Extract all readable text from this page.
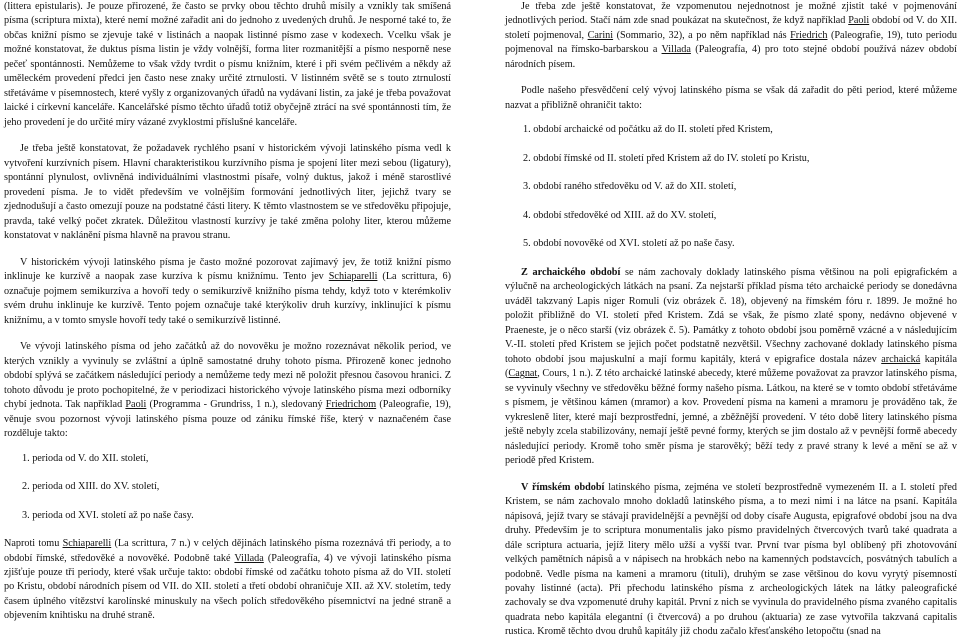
(littera epistularis). Je pouze přirozené, že často se prvky obou těchto druhů mísily a vznikly tak smíšená písma (scriptura mixta), které nemí možné zařadit ani do jednoho z uvedených druhů. Je nesporné také to, že občas knižní písmo se zjevuje také v listinách a naopak listinné písmo zase v kodexech. Vcelku však je možné konstatovat, že duktus písma listin je vždy volnější, forma liter rozmanitější a písmo nesporně nese pečeť spontánnosti. Nemůžeme to však vždy tvrdit o písmu knižním, které i při svém pečlivém a někdy až uměleckém provedení předci jen často nese znaky určité ztrnulosti. V listinném světě se s touto ztrnulostí střetáváme v písemnostech, které vyšly z organizovaných úřadů na vydávaní listin, za jaké je třeba považovat laické i církevní kanceláře. Kancelářské písmo těchto úřadů totiž obyčejně ztrácí na své spontánnosti tím, že jeho provedení je do určité míry vázané zvyklostmi příslušné kanceláře.

Je třeba ještě konstatovat, že požadavek rychlého psaní v historickém vývoji latinského písma vedl k vytvoření kurzívních písem. Hlavní charakteristikou kurzívního písma je spojení liter mezi sebou (ligatury), spontánní plynulost, ovlivněná individuálními vlastnostmi písaře, volný duktus, jakož i méně starostlivé provedení písma. Je to vidět především ve volnějším formování jednotlivých liter, jejichž tvary se zjednodušují a často omezují pouze na podstatné části litery. K těmto vlastnostem se ve středověku připojuje, pravda, také velký počet zkratek. Důležitou vlastností kurzívy je také změna polohy liter, kterou můžeme konstatovat v naklánění písma hlavně na pravou stranu.

V historickém vývoji latinského písma je často možné pozorovat zajímavý jev, že totiž knižní písmo inklinuje ke kurzívě a naopak zase kurzíva k písmu knižnímu. Tento jev Schiaparelli (La scrittura, 6) označuje pojmem semikurzíva a hovoří tedy o semikurzívě knižního písma tehdy, když toto v kterémkoliv svém druhu inklinuje ke kurzívě. Tento pojem označuje také kterýkoliv druh kurzívy, inklinující k písmu knižnímu, a v tomto smysle hovoří tedy také o semikurzívě listinné.

Ve vývoji latinského písma od jeho začátků až do novověku je možno rozeznávat několik period, ve kterých vznikly a vyvinuly se zvláštní a úplně samostatné druhy tohoto písma. Přirozeně konec jednoho období splývá se začátkem následující periody a nemůžeme tedy mezi ně položit přesnou časovou hranici. Z tohoto důvodu je proto pochopitelné, že v periodizaci historického vývoje latinského písma mezi odborníky chybí jednota. Tak například Paoli (Programma - Grundriss, 1 n.), sledovaný Friedrichom (Paleografie, 19), věnuje svou pozornost vývoji latinského písma pouze od zániku římské říše, který v naznačeném čase rozděluje takto:

1. perioda od V. do XII. století,
2. perioda od XIII. do XV. století,
3. perioda od XVI. století až po naše časy.

Naproti tomu Schiaparelli (La scrittura, 7 n.) v celých dějinách latinského písma rozeznává tři periody, a to období římské, středověké a novověké. Podobně také Villada (Paleografía, 4) ve vývoji latinského písma zjišťuje pouze tři periody, které však určuje takto: období římské od začátku tohoto písma až do VII. století po Kristu, období národních písem od VII. do XII. století a třetí období ohraničuje XII. až XV. stoletím, tedy časem úplného vítězství karolínské minuskuly na všech polích středověkého písemnictví na jedné straně a objevením knihtisku na druhé straně.

Je třeba zde ještě konstatovat, že vzpomenutou nejednotnost je možné zjistit také v pojmenování jednotlivých period. Stačí nám zde snad poukázat na skutečnost, že když například Paoli období od V. do XII. století pojmenoval, Carini (Sommario, 32), a po něm například nás Friedrich (Paleografie, 19), tuto periodu pojmenoval na římsko-barbarskou a Villada (Paleografía, 4) pro toto stejné období používá název období národních písem.

Podle našeho přesvědčení celý vývoj latinského písma se však dá zařadit do pěti period, které můžeme nazvat a přibližně ohraničit takto:

1. období archaické od počátku až do II. století před Kristem,
2. období římské od II. století před Kristem až do IV. století po Kristu,
3. období raného středověku od V. až do XII. století,
4. období středověké od XIII. až do XV. století,
5. období novověké od XVI. století až po naše časy.

Z archaického období se nám zachovaly doklady latinského písma většinou na poli epigrafickém a výlučně na archeologických látkách na psaní. Za nejstarší příklad písma této archaické periody se donedávna uváděl takzvaný Lapis niger Romuli (viz obrázek č. 18), objevený na římském fóru r. 1899. Je možné ho položit přibližně do VI. století před Kristem. Zdá se však, že písmo zlaté spony, nedávno objevené v Praeneste, je o něco starší (viz obrázek č. 5). Památky z tohoto období jsou poměrně vzácné a v následujícím V.-II. století před Kristem se jejich počet podstatně nezvětšil. Všechny zachované doklady latinského písma tohoto období jsou majuskulní a mají formu kapitály, která v epigrafice dostala název archaická kapitála (Cagnat, Cours, 1 n.). Z této archaické latinské abecedy, které můžeme považovat za pravzor latinského písma, se vyvinuly všechny ve středověku běžné formy našeho písma. Látkou, na které se v tomto období střetáváme s písmem, je většinou kámen (mramor) a kov. Provedení písma na kameni a mramoru je prováděno tak, že vykresleně liter, které mají bezprostřední, jemné, a zběžnější provedení. V této době litery latinského písma ještě nebyly zcela stabilizovány, nemají ještě pevné formy, kterých se jim dostalo až v pevnější formě abecedy následující periody. Kromě toho směr písma je starověký; běží tedy z pravé strany k levé a mění se až v periodě před Kristem.

V římském období latinského písma, zejména ve století bezprostředně vymezeném II. a I. století před Kristem, se nám zachovalo mnoho dokladů latinského písma, a to mezi nimi i na látce na psaní. Kapitála nápisová, jejíž tvary se stávají pravidelnější a pevnější od doby císaře Augusta, epigrafové období jsou na dva druhy. Především je to scriptura monumentalis jako písmo pravidelných čtvercových tvarů také quadrata a dále scriptura actuaria, jejíž litery mělo užší a vyšší tvar. První tvar písma byl oblíbený při zhotovování velkých pamětních nápisů a v nápisech na hrobkách nebo na kamenných podstavcích, posvátných tabulích a podobně. Vedle písma na kameni a mramoru (tituli), druhým se zase většinou do kovu vyrytý písemností povahy listinné (acta). Při přechodu latinského písma z archeologických látek na látky paleografické zachovaly se dva vzpomenuté druhy kapitál. První z nich se vyvinula do pravidelného písma zvaného capitalis quadrata nebo kapitála elegantní (i čtvercová) a po druhou (aktuaria) ze zase vytvořila takzvaná capitalis rustica. Kromě těchto dvou druhů kapitály již chodu začalo křesťanského letopočtu (snad na
